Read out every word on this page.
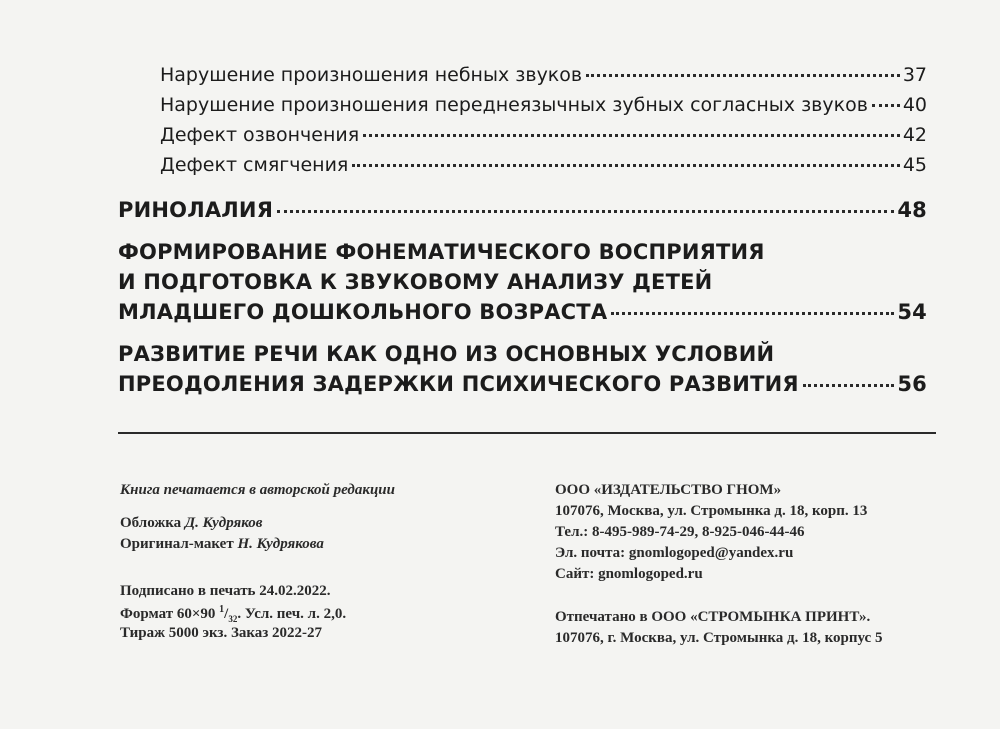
Нарушение произношения небных звуков	37
Нарушение произношения переднеязычных зубных согласных звуков 40
Дефект озвончения	42
Дефект смягчения	45
РИНОЛАЛИЯ	48
ФОРМИРОВАНИЕ ФОНЕМАТИЧЕСКОГО ВОСПРИЯТИЯ
И ПОДГОТОВКА К ЗВУКОВОМУ АНАЛИЗУ ДЕТЕЙ
МЛАДШЕГО ДОШКОЛЬНОГО ВОЗРАСТА	54
РАЗВИТИЕ РЕЧИ КАК ОДНО ИЗ ОСНОВНЫХ УСЛОВИЙ
ПРЕОДОЛЕНИЯ ЗАДЕРЖКИ ПСИХИЧЕСКОГО РАЗВИТИЯ	56
Книга печатается в авторской редакции
Обложка Д. Кудряков
Оригинал-макет Н. Кудрякова
Подписано в печать 24.02.2022.
Формат 60×90 $^1/_{32}$. Усл. печ. л. 2,0.
Тираж 5000 экз. Заказ 2022-27
ООО «ИЗДАТЕЛЬСТВО ГНОМ»
107076, Москва, ул. Стромынка д. 18, корп. 13
Тел.: 8-495-989-74-29, 8-925-046-44-46
Эл. почта: gnomlogoped@yandex.ru
Сайт: gnomlogoped.ru
Отпечатано в ООО «СТРОМЫНКА ПРИНТ».
107076, г. Москва, ул. Стромынка д. 18, корпус 5
